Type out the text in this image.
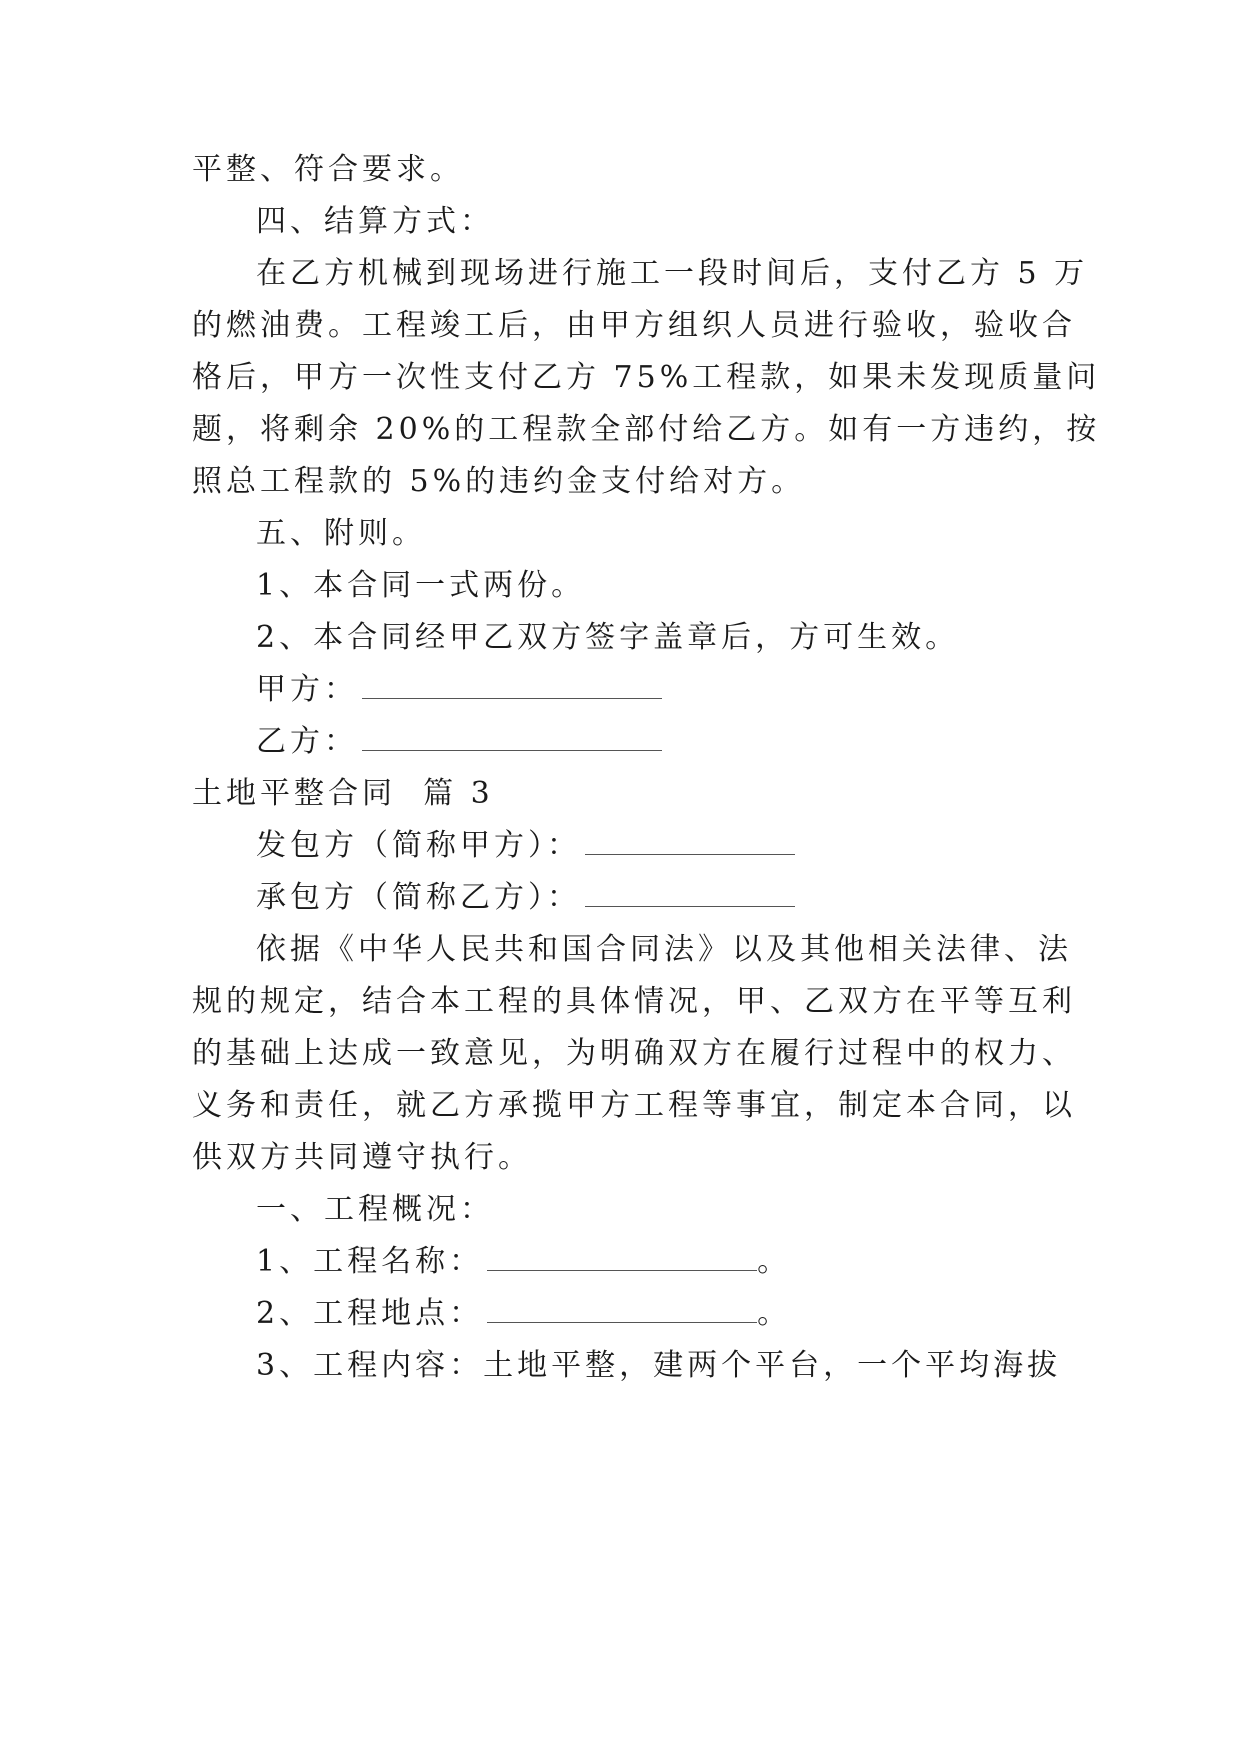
平整、符合要求。
四、结算方式：
在乙方机械到现场进行施工一段时间后，支付乙方 5 万
的燃油费。工程竣工后，由甲方组织人员进行验收，验收合
格后，甲方一次性支付乙方 75%工程款，如果未发现质量问
题，将剩余 20%的工程款全部付给乙方。如有一方违约，按
照总工程款的 5%的违约金支付给对方。
五、附则。
1、本合同一式两份。
2、本合同经甲乙双方签字盖章后，方可生效。
甲方：
乙方：
土地平整合同  篇 3
发包方（简称甲方）：
承包方（简称乙方）：
依据《中华人民共和国合同法》以及其他相关法律、法
规的规定，结合本工程的具体情况，甲、乙双方在平等互利
的基础上达成一致意见，为明确双方在履行过程中的权力、
义务和责任，就乙方承揽甲方工程等事宜，制定本合同，以
供双方共同遵守执行。
一、工程概况：
1、工程名称：	。
2、工程地点：	。
3、工程内容：土地平整，建两个平台，一个平均海拔
